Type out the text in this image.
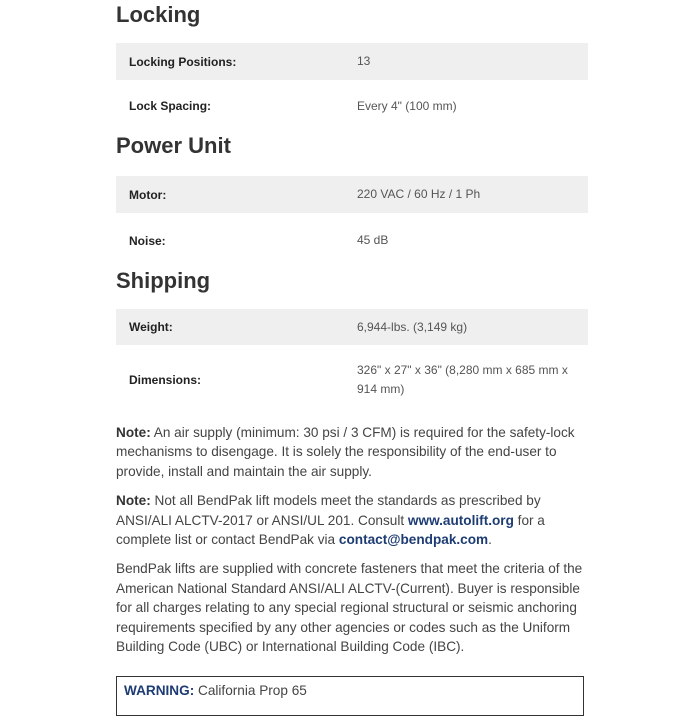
Locking
Locking Positions:	13
Lock Spacing:	Every 4" (100 mm)
Power Unit
Motor:	220 VAC / 60 Hz / 1 Ph
Noise:	45 dB
Shipping
Weight:	6,944-lbs. (3,149 kg)
Dimensions:
326" x 27" x 36" (8,280 mm x 685 mm x 914 mm)

Note: An air supply (minimum: 30 psi / 3 CFM) is required for the safety-lock mechanisms to disengage. It is solely the responsibility of the end-user to provide, install and maintain the air supply.

Note: Not all BendPak lift models meet the standards as prescribed by ANSI/ALI ALCTV-2017 or ANSI/UL 201. Consult www.autolift.org for a complete list or contact BendPak via contact@bendpak.com.

BendPak lifts are supplied with concrete fasteners that meet the criteria of the American National Standard ANSI/ALI ALCTV-(Current). Buyer is responsible for all charges relating to any special regional structural or seismic anchoring requirements specified by any other agencies or codes such as the Uniform Building Code (UBC) or International Building Code (IBC).

WARNING: California Prop 65
